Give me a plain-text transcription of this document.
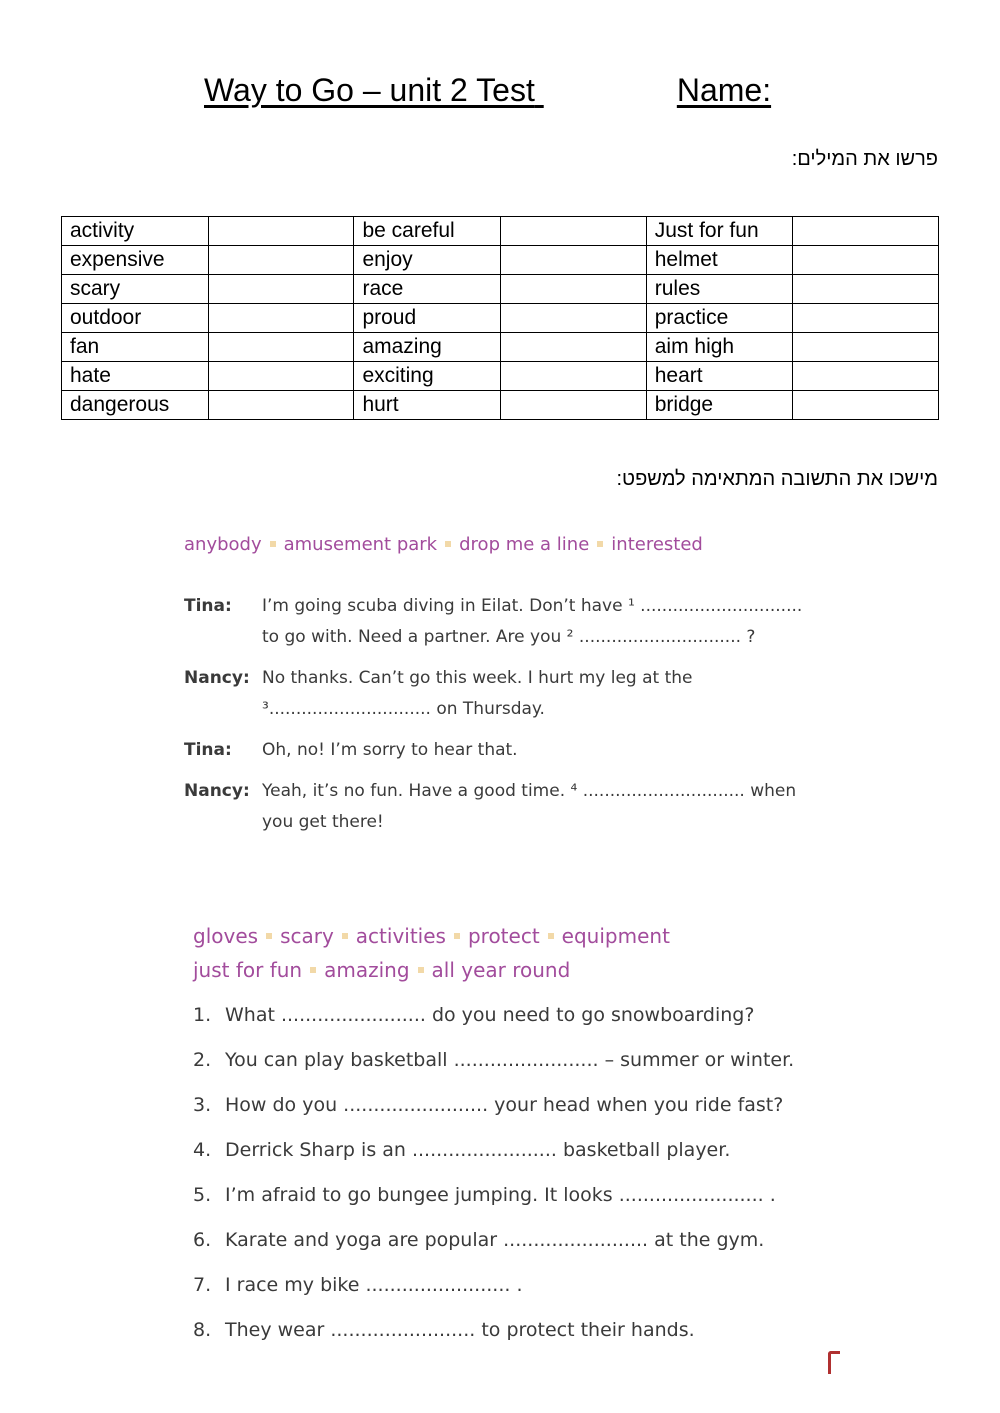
Way to Go – unit 2 Test	Name:
פרשו את המילים:
activity		be careful		Just for fun	
expensive		enjoy		helmet	
scary		race		rules	
outdoor		proud		practice	
fan		amazing		aim high	
hate		exciting		heart	
dangerous		hurt		bridge	
מישכו את התשובה המתאימה למשפט:
anybody amusement park drop me a line interested
Tina: I’m going scuba diving in Eilat. Don’t have ¹ ..............................
to go with. Need a partner. Are you ² .............................. ?
Nancy: No thanks. Can’t go this week. I hurt my leg at the
³.............................. on Thursday.
Tina: Oh, no! I’m sorry to hear that.
Nancy: Yeah, it’s no fun. Have a good time. ⁴ .............................. when
you get there!
gloves scary activities protect equipment
just for fun amazing all year round
1. What ........................ do you need to go snowboarding?
2. You can play basketball ........................ – summer or winter.
3. How do you ........................ your head when you ride fast?
4. Derrick Sharp is an ........................ basketball player.
5. I’m afraid to go bungee jumping. It looks ........................ .
6. Karate and yoga are popular ........................ at the gym.
7. I race my bike ........................ .
8. They wear ........................ to protect their hands.
